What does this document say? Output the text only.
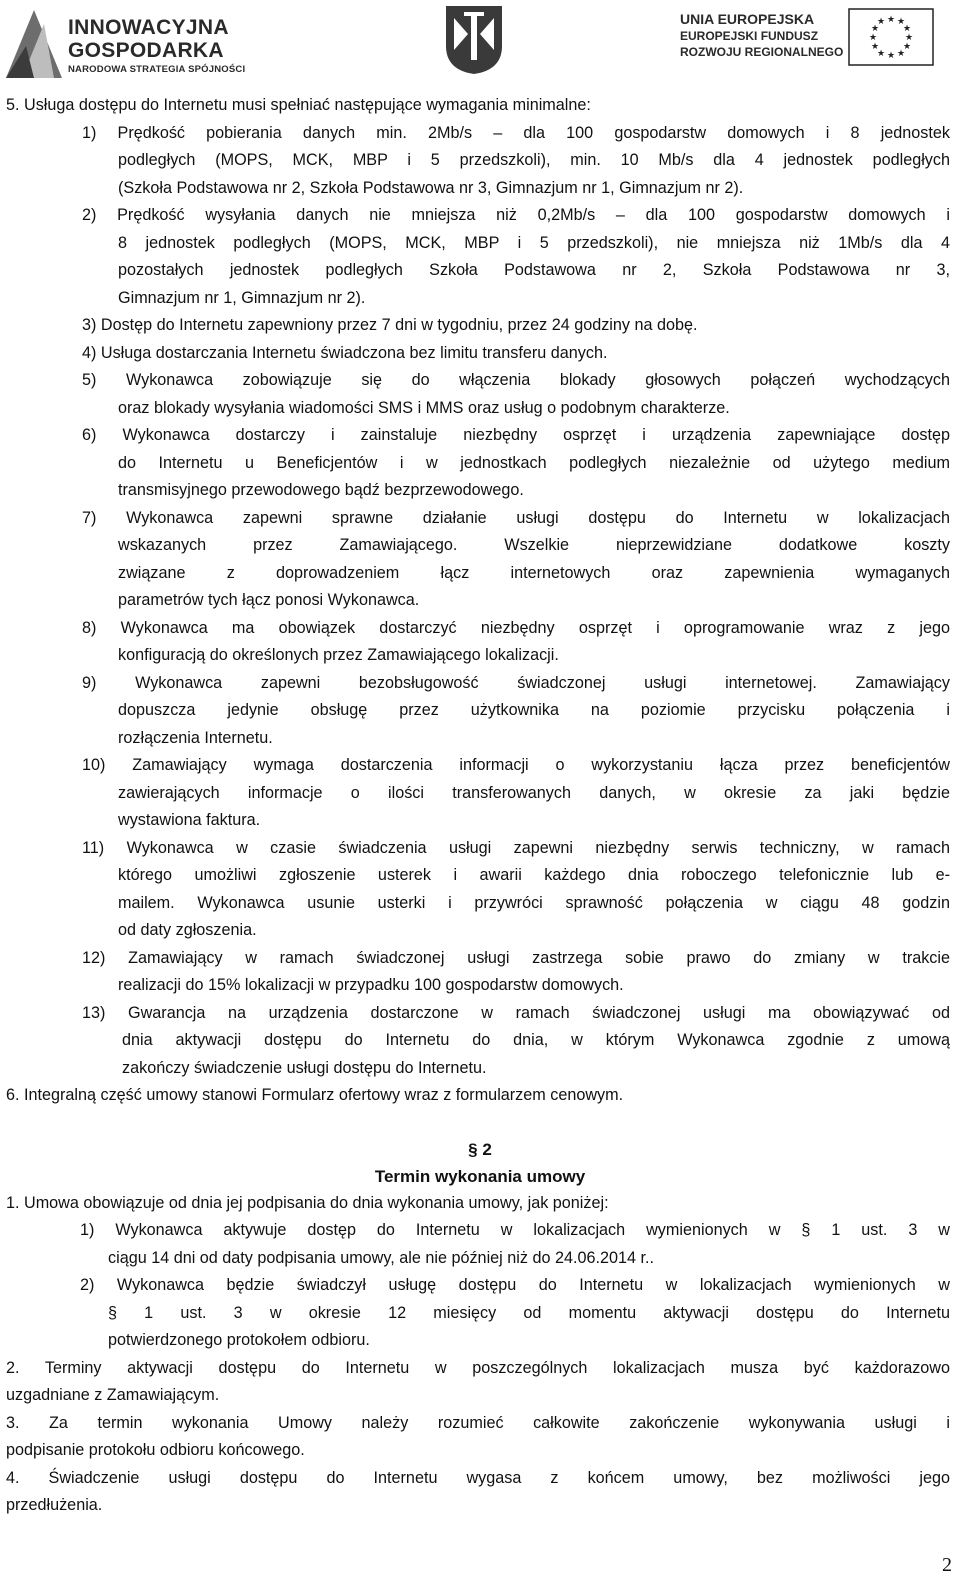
INNOWACYJNA
GOSPODARKA
NARODOWA STRATEGIA SPÓJNOŚCI
UNIA EUROPEJSKA
EUROPEJSKI FUNDUSZ
ROZWOJU REGIONALNEGO
★ ★
★
★
★
★
★
★
★
★
★
★
5. Usługa dostępu do Internetu musi spełniać następujące wymagania minimalne:
1) Prędkość pobierania danych min. 2Mb/s – dla 100 gospodarstw domowych i 8 jednostek
podległych (MOPS, MCK, MBP i 5 przedszkoli), min. 10 Mb/s dla 4 jednostek podległych
(Szkoła Podstawowa nr 2, Szkoła Podstawowa nr 3, Gimnazjum nr 1, Gimnazjum nr 2).
2) Prędkość wysyłania danych nie mniejsza niż 0,2Mb/s – dla 100 gospodarstw domowych i
8 jednostek podległych (MOPS, MCK, MBP i 5 przedszkoli), nie mniejsza niż 1Mb/s dla 4
pozostałych jednostek podległych Szkoła Podstawowa nr 2, Szkoła Podstawowa nr 3,
Gimnazjum nr 1, Gimnazjum nr 2).
3) Dostęp do Internetu zapewniony przez 7 dni w tygodniu, przez 24 godziny na dobę.
4) Usługa dostarczania Internetu świadczona bez limitu transferu danych.
5) Wykonawca zobowiązuje się do włączenia blokady głosowych połączeń wychodzących
oraz blokady wysyłania wiadomości SMS i MMS oraz usług o podobnym charakterze.
6) Wykonawca dostarczy i zainstaluje niezbędny osprzęt i urządzenia zapewniające dostęp
do Internetu u Beneficjentów i w jednostkach podległych niezależnie od użytego medium
transmisyjnego przewodowego bądź bezprzewodowego.
7) Wykonawca zapewni sprawne działanie usługi dostępu do Internetu w lokalizacjach
wskazanych przez Zamawiającego. Wszelkie nieprzewidziane dodatkowe koszty
związane z doprowadzeniem łącz internetowych oraz zapewnienia wymaganych
parametrów tych łącz ponosi Wykonawca.
8) Wykonawca ma obowiązek dostarczyć niezbędny osprzęt i oprogramowanie wraz z jego
konfiguracją do określonych przez Zamawiającego lokalizacji.
9) Wykonawca zapewni bezobsługowość świadczonej usługi internetowej. Zamawiający
dopuszcza jedynie obsługę przez użytkownika na poziomie przycisku połączenia i
rozłączenia Internetu.
10) Zamawiający wymaga dostarczenia informacji o wykorzystaniu łącza przez beneficjentów
zawierających informacje o ilości transferowanych danych, w okresie za jaki będzie
wystawiona faktura.
11) Wykonawca w czasie świadczenia usługi zapewni niezbędny serwis techniczny, w ramach
którego umożliwi zgłoszenie usterek i awarii każdego dnia roboczego telefonicznie lub e-
mailem. Wykonawca usunie usterki i przywróci sprawność połączenia w ciągu 48 godzin
od daty zgłoszenia.
12) Zamawiający w ramach świadczonej usługi zastrzega sobie prawo do zmiany w trakcie
realizacji do 15% lokalizacji w przypadku 100 gospodarstw domowych.
13) Gwarancja na urządzenia dostarczone w ramach świadczonej usługi ma obowiązywać od
dnia aktywacji dostępu do Internetu do dnia, w którym Wykonawca zgodnie z umową
zakończy świadczenie usługi dostępu do Internetu.
6. Integralną część umowy stanowi Formularz ofertowy wraz z formularzem cenowym.
§ 2
Termin wykonania umowy
1. Umowa obowiązuje od dnia jej podpisania do dnia wykonania umowy, jak poniżej:
1) Wykonawca aktywuje dostęp do Internetu w lokalizacjach wymienionych w § 1 ust. 3 w
ciągu 14 dni od daty podpisania umowy, ale nie później niż do 24.06.2014 r..
2) Wykonawca będzie świadczył usługę dostępu do Internetu w lokalizacjach wymienionych w
§ 1 ust. 3 w okresie 12 miesięcy od momentu aktywacji dostępu do Internetu
potwierdzonego protokołem odbioru.
2. Terminy aktywacji dostępu do Internetu w poszczególnych lokalizacjach musza być każdorazowo
uzgadniane z Zamawiającym.
3. Za termin wykonania Umowy należy rozumieć całkowite zakończenie wykonywania usługi i
podpisanie protokołu odbioru końcowego.
4. Świadczenie usługi dostępu do Internetu wygasa z końcem umowy, bez możliwości jego
przedłużenia.
2
